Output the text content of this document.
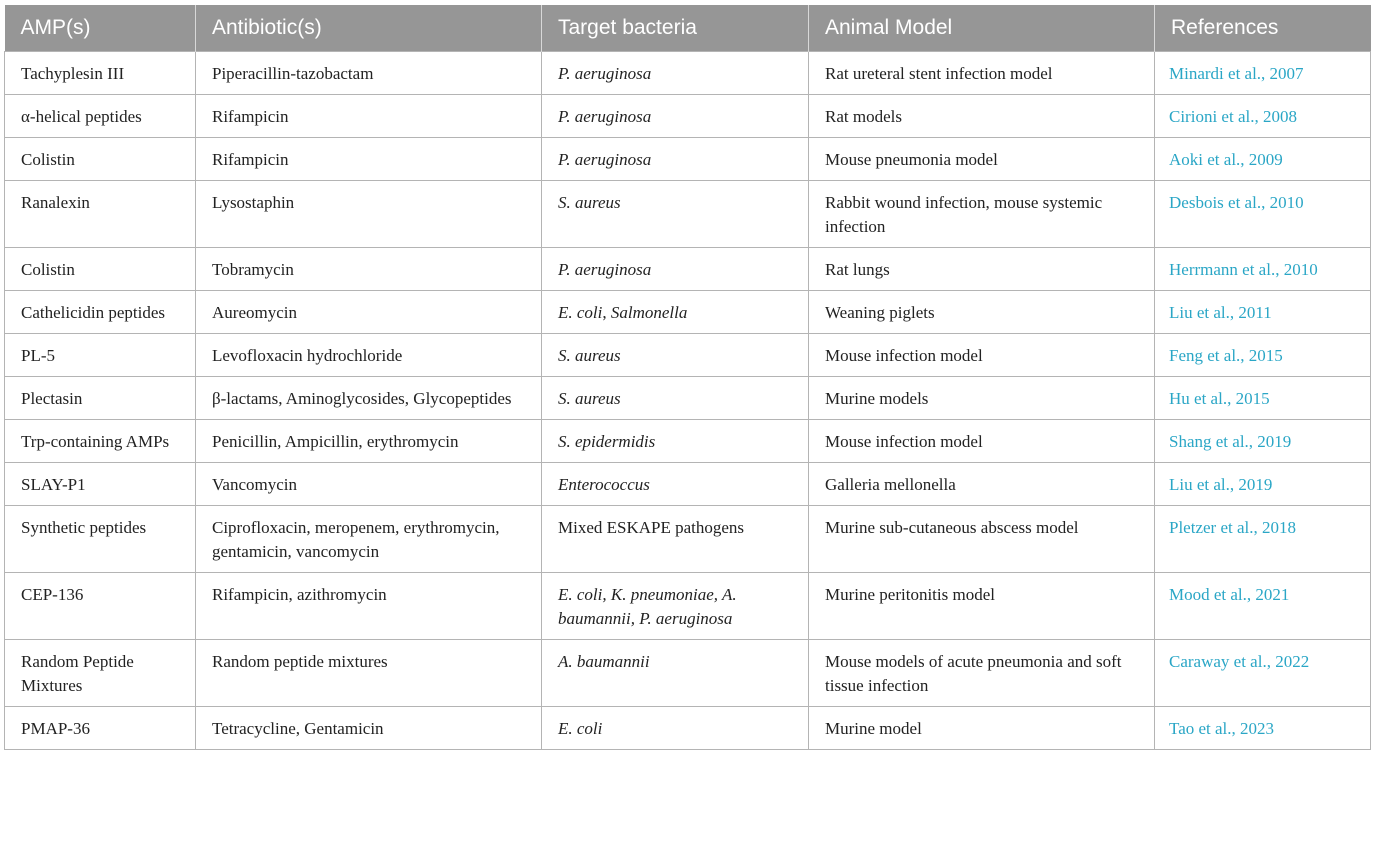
AMP(s)	Antibiotic(s)	Target bacteria	Animal Model	References
Tachyplesin III	Piperacillin-tazobactam	P. aeruginosa	Rat ureteral stent infection model	Minardi et al., 2007
α-helical peptides	Rifampicin	P. aeruginosa	Rat models	Cirioni et al., 2008
Colistin	Rifampicin	P. aeruginosa	Mouse pneumonia model	Aoki et al., 2009
Ranalexin	Lysostaphin	S. aureus	Rabbit wound infection, mouse systemic infection	Desbois et al., 2010
Colistin	Tobramycin	P. aeruginosa	Rat lungs	Herrmann et al., 2010
Cathelicidin peptides	Aureomycin	E. coli, Salmonella	Weaning piglets	Liu et al., 2011
PL-5	Levofloxacin hydrochloride	S. aureus	Mouse infection model	Feng et al., 2015
Plectasin	β-lactams, Aminoglycosides, Glycopeptides	S. aureus	Murine models	Hu et al., 2015
Trp-containing AMPs	Penicillin, Ampicillin, erythromycin	S. epidermidis	Mouse infection model	Shang et al., 2019
SLAY-P1	Vancomycin	Enterococcus	Galleria mellonella	Liu et al., 2019
Synthetic peptides	Ciprofloxacin, meropenem, erythromycin, gentamicin, vancomycin	Mixed ESKAPE pathogens	Murine sub-cutaneous abscess model	Pletzer et al., 2018
CEP-136	Rifampicin, azithromycin	E. coli, K. pneumoniae, A. baumannii, P. aeruginosa	Murine peritonitis model	Mood et al., 2021
Random Peptide Mixtures	Random peptide mixtures	A. baumannii	Mouse models of acute pneumonia and soft tissue infection	Caraway et al., 2022
PMAP-36	Tetracycline, Gentamicin	E. coli	Murine model	Tao et al., 2023
